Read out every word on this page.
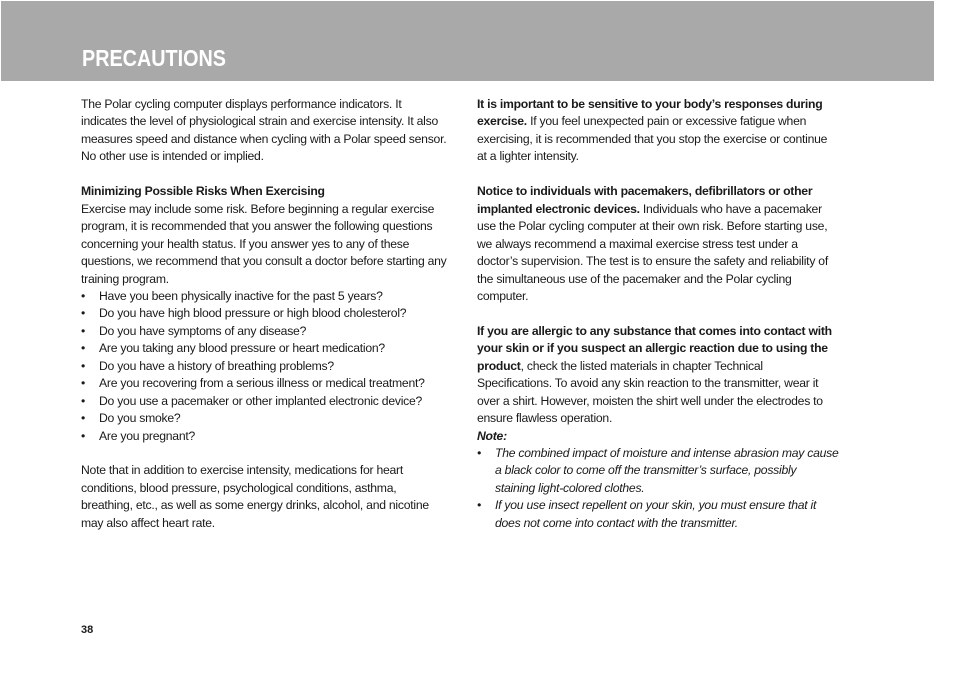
PRECAUTIONS

The Polar cycling computer displays performance indicators. It indicates the level of physiological strain and exercise intensity. It also measures speed and distance when cycling with a Polar speed sensor. No other use is intended or implied.

Minimizing Possible Risks When Exercising

Exercise may include some risk. Before beginning a regular exercise program, it is recommended that you answer the following questions concerning your health status. If you answer yes to any of these questions, we recommend that you consult a doctor before starting any training program.

• Have you been physically inactive for the past 5 years?
• Do you have high blood pressure or high blood cholesterol?
• Do you have symptoms of any disease?
• Are you taking any blood pressure or heart medication?
• Do you have a history of breathing problems?
• Are you recovering from a serious illness or medical treatment?
• Do you use a pacemaker or other implanted electronic device?
• Do you smoke?
• Are you pregnant?

Note that in addition to exercise intensity, medications for heart conditions, blood pressure, psychological conditions, asthma, breathing, etc., as well as some energy drinks, alcohol, and nicotine may also affect heart rate.

It is important to be sensitive to your body’s responses during exercise. If you feel unexpected pain or excessive fatigue when exercising, it is recommended that you stop the exercise or continue at a lighter intensity.

Notice to individuals with pacemakers, defibrillators or other implanted electronic devices. Individuals who have a pacemaker use the Polar cycling computer at their own risk. Before starting use, we always recommend a maximal exercise stress test under a doctor’s supervision. The test is to ensure the safety and reliability of the simultaneous use of the pacemaker and the Polar cycling computer.

If you are allergic to any substance that comes into contact with your skin or if you suspect an allergic reaction due to using the product, check the listed materials in chapter Technical Specifications. To avoid any skin reaction to the transmitter, wear it over a shirt. However, moisten the shirt well under the electrodes to ensure flawless operation.

Note:

• The combined impact of moisture and intense abrasion may cause a black color to come off the transmitter’s surface, possibly staining light-colored clothes.
• If you use insect repellent on your skin, you must ensure that it does not come into contact with the transmitter.
38
